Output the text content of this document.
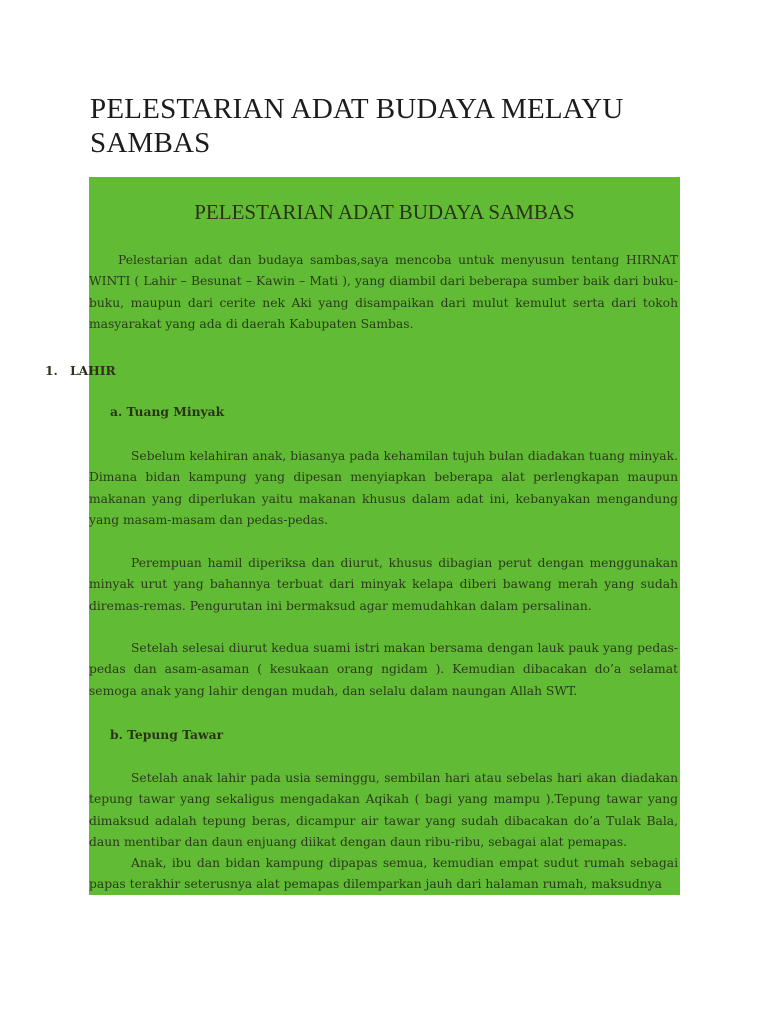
PELESTARIAN ADAT BUDAYA MELAYU SAMBAS
PELESTARIAN ADAT BUDAYA SAMBAS

Pelestarian adat dan budaya sambas,saya mencoba untuk menyusun tentang HIRNAT WINTI ( Lahir – Besunat – Kawin – Mati ), yang diambil dari beberapa sumber baik dari buku-buku, maupun dari cerite nek Aki yang disampaikan dari mulut kemulut serta dari tokoh masyarakat yang ada di daerah Kabupaten Sambas.

1. LAHIR
a. Tuang Minyak

Sebelum kelahiran anak, biasanya pada kehamilan tujuh bulan diadakan tuang minyak. Dimana bidan kampung yang dipesan menyiapkan beberapa alat perlengkapan maupun makanan yang diperlukan yaitu makanan khusus dalam adat ini, kebanyakan mengandung yang masam-masam dan pedas-pedas.

Perempuan hamil diperiksa dan diurut, khusus dibagian perut dengan menggunakan minyak urut yang bahannya terbuat dari minyak kelapa diberi bawang merah yang sudah diremas-remas. Pengurutan ini bermaksud agar memudahkan dalam persalinan.

Setelah selesai diurut kedua suami istri makan bersama dengan lauk pauk yang pedas-pedas dan asam-asaman ( kesukaan orang ngidam ). Kemudian dibacakan do’a selamat semoga anak yang lahir dengan mudah, dan selalu dalam naungan Allah SWT.

b. Tepung Tawar

Setelah anak lahir pada usia seminggu, sembilan hari atau sebelas hari akan diadakan tepung tawar yang sekaligus mengadakan Aqikah ( bagi yang mampu ).Tepung tawar yang dimaksud adalah tepung beras, dicampur air tawar yang sudah dibacakan do’a Tulak Bala, daun mentibar dan daun enjuang diikat dengan daun ribu-ribu, sebagai alat pemapas.

Anak, ibu dan bidan kampung dipapas semua, kemudian empat sudut rumah sebagai papas terakhir seterusnya alat pemapas dilemparkan jauh dari halaman rumah, maksudnya
